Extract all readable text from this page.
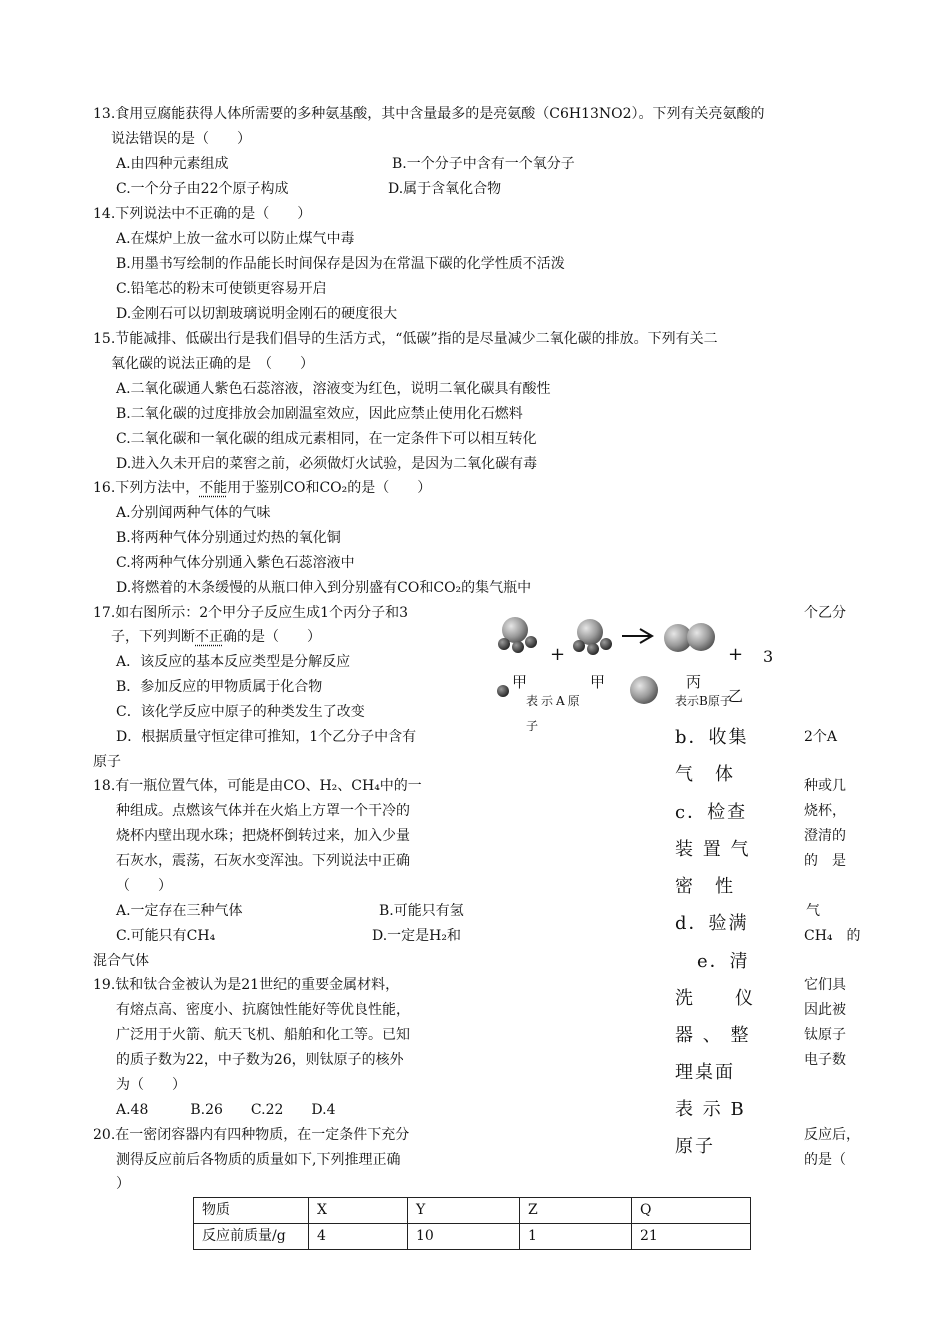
13.食用豆腐能获得人体所需要的多种氨基酸，其中含量最多的是亮氨酸（C6H13NO2）。下列有关亮氨酸的
说法错误的是（　　）
A.由四种元素组成	B.一个分子中含有一个氧分子
C.一个分子由22个原子构成	D.属于含氧化合物
14.下列说法中不正确的是（　　）
A.在煤炉上放一盆水可以防止煤气中毒
B.用墨书写绘制的作品能长时间保存是因为在常温下碳的化学性质不活泼
C.铅笔芯的粉末可使锁更容易开启
D.金刚石可以切割玻璃说明金刚石的硬度很大
15.节能减排、低碳出行是我们倡导的生活方式，“低碳”指的是尽量减少二氧化碳的排放。下列有关二
氧化碳的说法正确的是　（　　）
A.二氧化碳通人紫色石蕊溶液，溶液变为红色，说明二氧化碳具有酸性
B.二氧化碳的过度排放会加剧温室效应，因此应禁止使用化石燃料
C.二氧化碳和一氧化碳的组成元素相同，在一定条件下可以相互转化
D.进入久未开启的菜窖之前，必须做灯火试验，是因为二氧化碳有毒
16.下列方法中，不能用于鉴别CO和CO₂的是（　　）
A.分别闻两种气体的气味
B.将两种气体分别通过灼热的氧化铜
C.将两种气体分别通入紫色石蕊溶液中
D.将燃着的木条缓慢的从瓶口伸入到分别盛有CO和CO₂的集气瓶中
17.如右图所示：2个甲分子反应生成1个丙分子和3	个乙分
子，下列判断不正确的是（　　）
A．该反应的基本反应类型是分解反应
B．参加反应的甲物质属于化合物
C．该化学反应中原子的种类发生了改变
D．根据质量守恒定律可推知，1个乙分子中含有	2个A
原子
+	+ 3
甲	甲	丙
乙
表示A原
子
表示B原子
b．收集
气　体
c．检查
装 置 气
密　性
d．验满
e．清
洗　　仪
器 、 整
理桌面
表 示 B
原子
18.有一瓶位置气体，可能是由CO、H₂、CH₄中的一	种或几
种组成。点燃该气体并在火焰上方罩一个干冷的	烧杯，
烧杯内壁出现水珠；把烧杯倒转过来，加入少量	澄清的
石灰水，震荡，石灰水变浑浊。下列说法中正确	的　是
（　　）
A.一定存在三种气体	B.可能只有氢	气
C.可能只有CH₄	D.一定是H₂和	CH₄　的
混合气体
19.钛和钛合金被认为是21世纪的重要金属材料，	它们具
有熔点高、密度小、抗腐蚀性能好等优良性能，	因此被
广泛用于火箭、航天飞机、船舶和化工等。已知	钛原子
的质子数为22，中子数为26，则钛原子的核外	电子数
为（　　）
A.48　　　B.26　　C.22　　D.4
20.在一密闭容器内有四种物质，在一定条件下充分	反应后，
测得反应前后各物质的质量如下,下列推理正确	的是（
）
物质	X	Y	Z	Q
反应前质量/g	4	10	1	21
